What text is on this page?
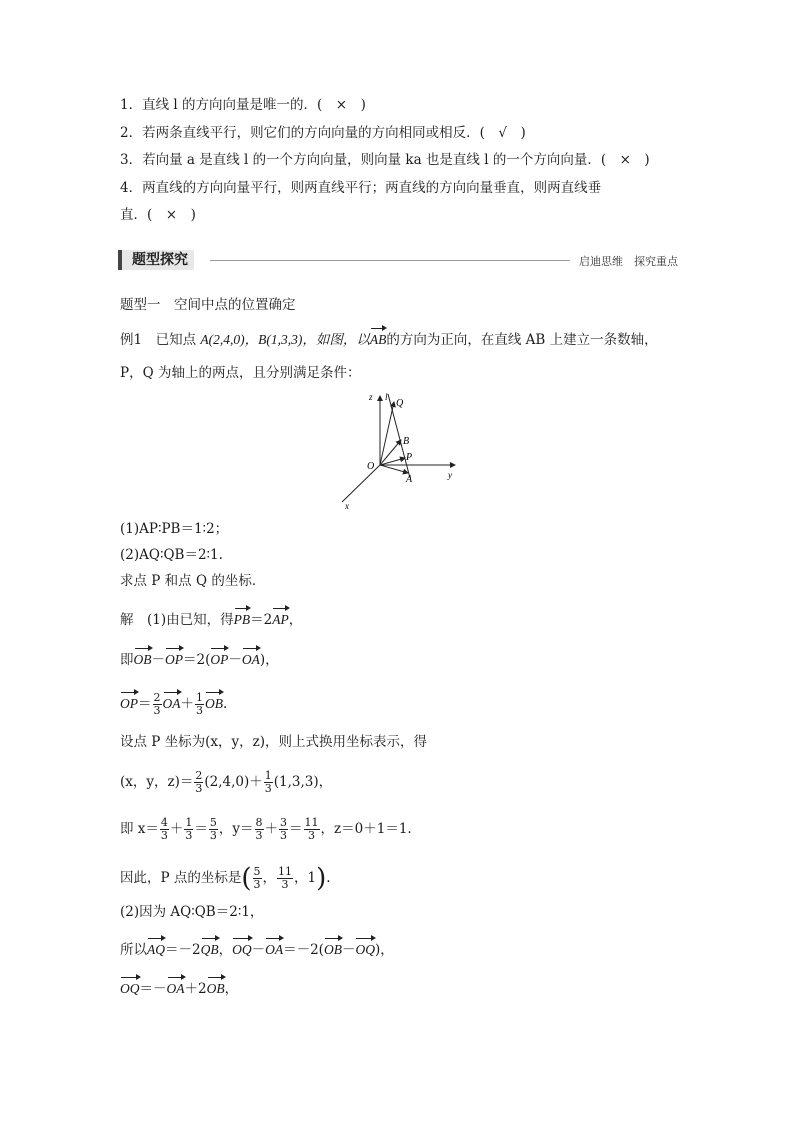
1．直线 l 的方向向量是唯一的．(　×　)
2．若两条直线平行，则它们的方向向量的方向相同或相反．(　√　)
3．若向量 a 是直线 l 的一个方向向量，则向量 ka 也是直线 l 的一个方向向量．(　×　)
4．两直线的方向向量平行，则两直线平行；两直线的方向向量垂直，则两直线垂
直．(　×　)
题型探究	启迪思维　探究重点
题型一　空间中点的位置确定
例1　已知点 A(2,4,0)，B(1,3,3)，如图，以AB的方向为正向，在直线 AB 上建立一条数轴，
P，Q 为轴上的两点，且分别满足条件：
z l
Q
B
P
O
A	y
x
(1)AP∶PB＝1∶2；
(2)AQ∶QB＝2∶1.
求点 P 和点 Q 的坐标．
解　(1)由已知，得PB＝2AP，
即OB－OP＝2(OP－OA)，
$OP= \frac{2}{3} OA+ \frac{1}{3}$ OB.
设点 P 坐标为(x，y，z)，则上式换用坐标表示，得
(x，y，$z)= \frac{2}{3} (2,4,0)+ \frac{1}{3} (1,3,3)$，
即 $x= \frac{4}{3} + \frac{1}{3} = \frac{5}{3}$ ，$y= \frac{8}{3} + \frac{3}{3} = \frac{11}{3}$ ，z＝0＋1＝1.
因此，P 点的坐标是( $\frac{5}{3}$ ， $\frac{11}{3}$ ，1).
(2)因为 AQ∶QB＝2∶1，
所以AQ＝－2QB，OQ－OA＝－2(OB－OQ)，
OQ＝－OA＋2OB，
